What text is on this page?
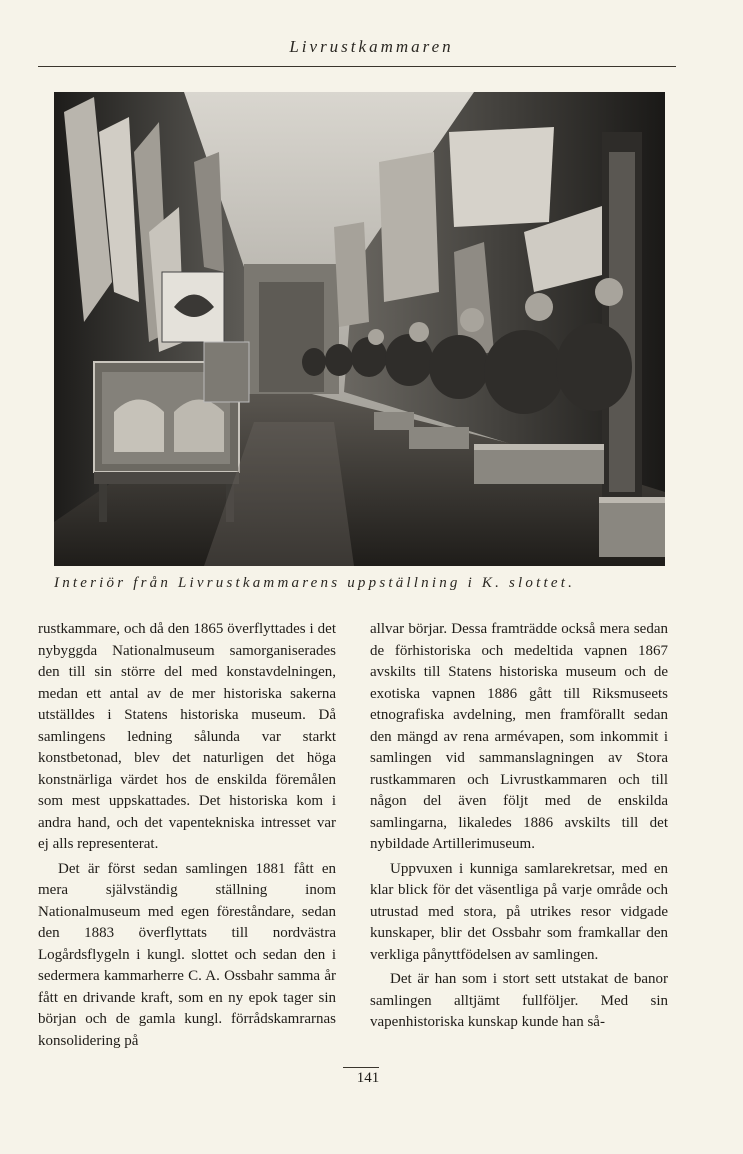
Livrustkammaren
Interiör från Livrustkammarens uppställning i K. slottet.

rustkammare, och då den 1865 överflyttades i det nybyggda Nationalmuseum samorganiserades den till sin större del med konstavdelningen, medan ett antal av de mer historiska sakerna utställdes i Statens historiska museum. Då samlingens ledning sålunda var starkt konstbetonad, blev det naturligen det höga konstnärliga värdet hos de enskilda föremålen som mest uppskattades. Det historiska kom i andra hand, och det vapentekniska intresset var ej alls representerat.

Det är först sedan samlingen 1881 fått en mera självständig ställning inom Nationalmuseum med egen föreståndare, sedan den 1883 överflyttats till nordvästra Logårdsflygeln i kungl. slottet och sedan den i sedermera kammarherre C. A. Ossbahr samma år fått en drivande kraft, som en ny epok tager sin början och de gamla kungl. förrådskamrarnas konsolidering på

allvar börjar. Dessa framträdde också mera sedan de förhistoriska och medeltida vapnen 1867 avskilts till Statens historiska museum och de exotiska vapnen 1886 gått till Riksmuseets etnografiska avdelning, men framförallt sedan den mängd av rena armévapen, som inkommit i samlingen vid sammanslagningen av Stora rustkammaren och Livrustkammaren och till någon del även följt med de enskilda samlingarna, likaledes 1886 avskilts till det nybildade Artillerimuseum.

Uppvuxen i kunniga samlarekretsar, med en klar blick för det väsentliga på varje område och utrustad med stora, på utrikes resor vidgade kunskaper, blir det Ossbahr som framkallar den verkliga pånyttfödelsen av samlingen.

Det är han som i stort sett utstakat de banor samlingen alltjämt fullföljer. Med sin vapenhistoriska kunskap kunde han så-

141
